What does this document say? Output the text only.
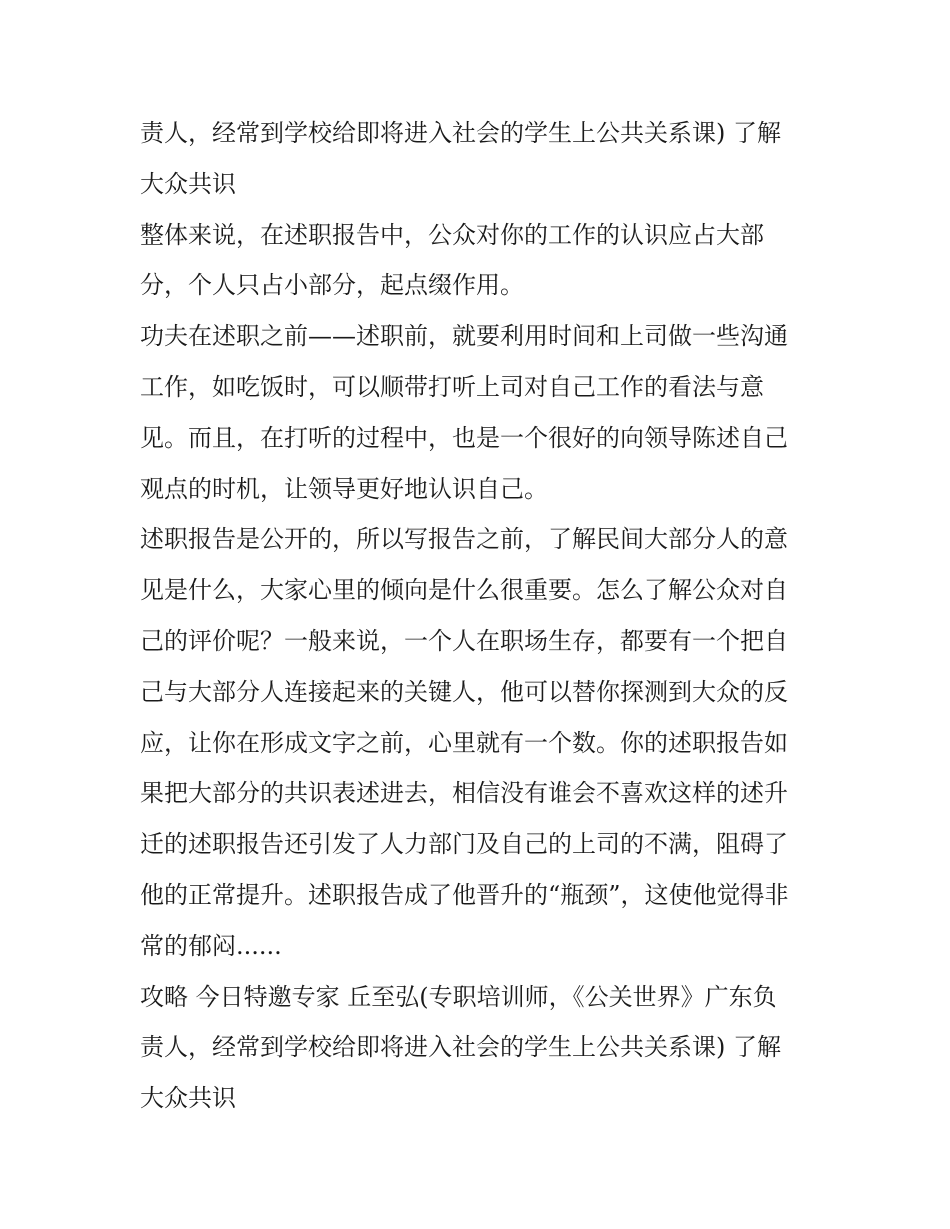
责人，经常到学校给即将进入社会的学生上公共关系课) 了解
大众共识
整体来说，在述职报告中，公众对你的工作的认识应占大部
分，个人只占小部分，起点缀作用。
功夫在述职之前——述职前，就要利用时间和上司做一些沟通
工作，如吃饭时，可以顺带打听上司对自己工作的看法与意
见。而且，在打听的过程中，也是一个很好的向领导陈述自己
观点的时机，让领导更好地认识自己。
述职报告是公开的，所以写报告之前，了解民间大部分人的意
见是什么，大家心里的倾向是什么很重要。怎么了解公众对自
己的评价呢？一般来说，一个人在职场生存，都要有一个把自
己与大部分人连接起来的关键人，他可以替你探测到大众的反
应，让你在形成文字之前，心里就有一个数。你的述职报告如
果把大部分的共识表述进去，相信没有谁会不喜欢这样的述升
迁的述职报告还引发了人力部门及自己的上司的不满，阻碍了
他的正常提升。述职报告成了他晋升的“瓶颈”，这使他觉得非
常的郁闷......
攻略 今日特邀专家 丘至弘(专职培训师，《公关世界》广东负
责人，经常到学校给即将进入社会的学生上公共关系课) 了解
大众共识
